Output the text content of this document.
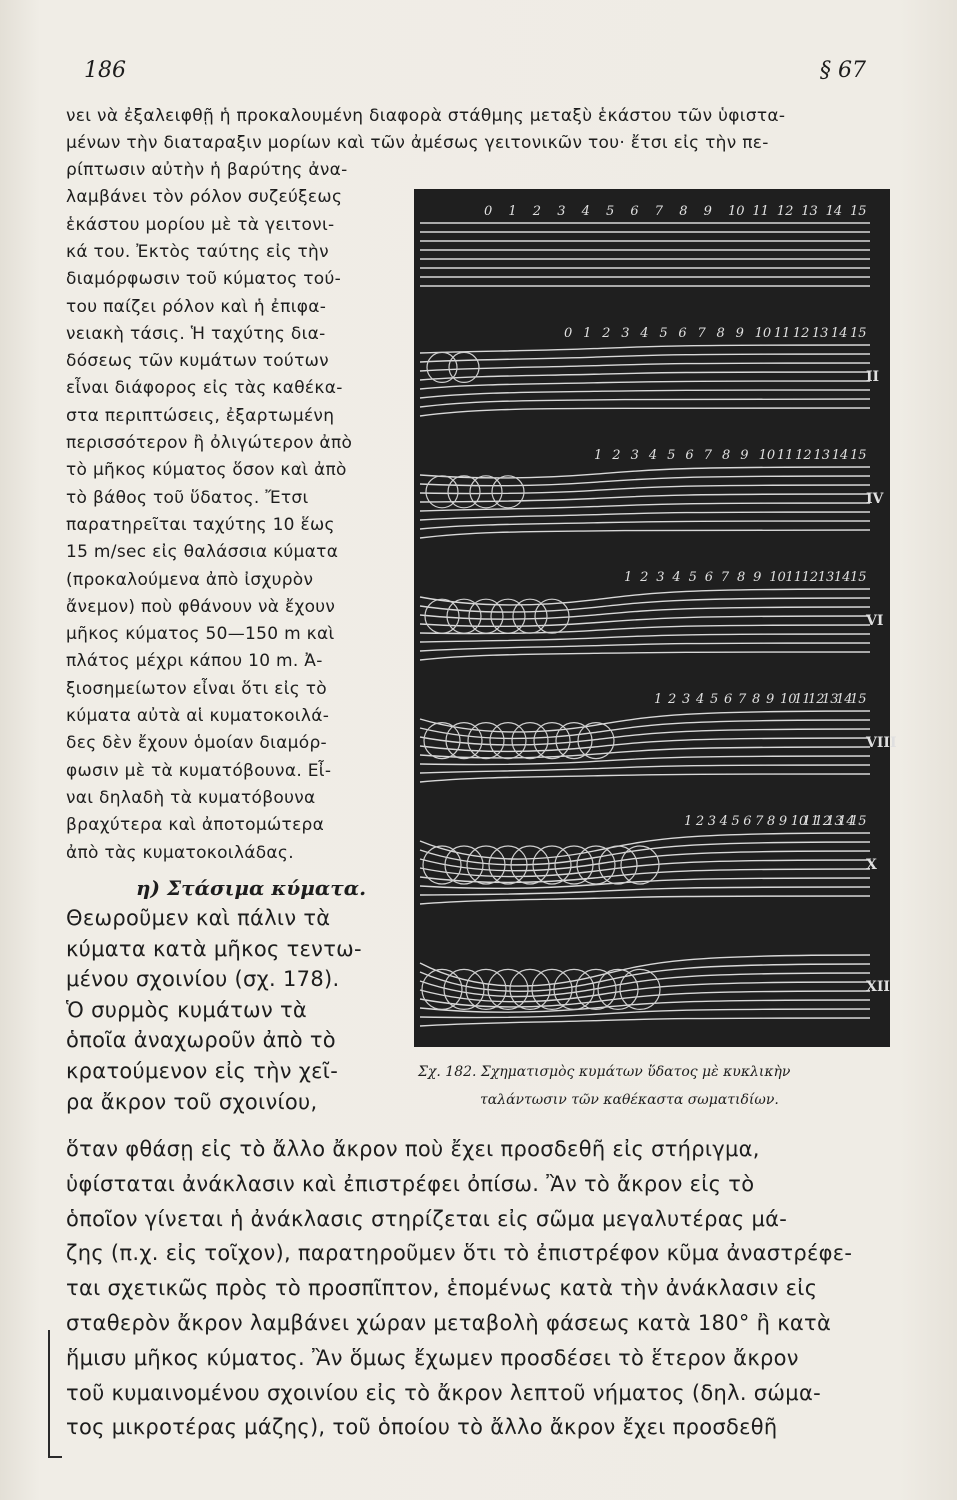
186	§ 67
νει νὰ ἐξαλειφθῇ ἡ προκαλουμένη διαφορὰ στάθμης μεταξὺ ἑκάστου τῶν ὑφιστα-
μένων τὴν διαταραξιν μορίων καὶ τῶν ἀμέσως γειτονικῶν του· ἔτσι εἰς τὴν πε-
ρίπτωσιν αὐτὴν ἡ βαρύτης ἀνα-
λαμβάνει τὸν ρόλον συζεύξεως
ἑκάστου μορίου μὲ τὰ γειτονι-
κά του. Ἐκτὸς ταύτης εἰς τὴν
διαμόρφωσιν τοῦ κύματος τού-
του παίζει ρόλον καὶ ἡ ἐπιφα-
νειακὴ τάσις. Ἡ ταχύτης δια-
δόσεως τῶν κυμάτων τούτων
εἶναι διάφορος εἰς τὰς καθέκα-
στα περιπτώσεις, ἐξαρτωμένη
περισσότερον ἢ ὀλιγώτερον ἀπὸ
τὸ μῆκος κύματος ὅσον καὶ ἀπὸ
τὸ βάθος τοῦ ὕδατος. Ἔτσι
παρατηρεῖται ταχύτης 10 ἕως
15 m/sec εἰς θαλάσσια κύματα
(προκαλούμενα ἀπὸ ἰσχυρὸν
ἄνεμον) ποὺ φθάνουν νὰ ἔχουν
μῆκος κύματος 50—150 m καὶ
πλάτος μέχρι κάπου 10 m. Ἀ-
ξιοσημείωτον εἶναι ὅτι εἰς τὸ
κύματα αὐτὰ αἱ κυματοκοιλά-
δες δὲν ἔχουν ὁμοίαν διαμόρ-
φωσιν μὲ τὰ κυματόβουνα. Εἶ-
ναι δηλαδὴ τὰ κυματόβουνα
βραχύτερα καὶ ἀποτομώτερα
ἀπὸ τὰς κυματοκοιλάδας.
η) Στάσιμα κύματα.
Θεωροῦμεν καὶ πάλιν τὰ
κύματα κατὰ μῆκος τεντω-
μένου σχοινίου (σχ. 178).
Ὁ συρμὸς κυμάτων τὰ
ὁποῖα ἀναχωροῦν ἀπὸ τὸ
κρατούμενον εἰς τὴν χεῖ-
ρα ἄκρον τοῦ σχοινίου,
0 1 2 3 4 5 6 7 8 9 10 11 12 13 14 15
0 1 2 3 4 5 6 7 8 9 10 11 12 13 14 15
II
1 2 3 4 5 6 7 8 9 10 11 12 13 14 15
IV
1 2 3 4 5 6 7 8 9 10 11 12 13 14 15
VI
1 2 3 4 5 6 7 8 9 10
11
12
13
14
15
VIII
1 2 3 4 5 6 7 8 9 10
11
12
13
14
15
X
XII
Σχ. 182. Σχηματισμὸς κυμάτων ὕδατος μὲ κυκλικὴν
ταλάντωσιν τῶν καθέκαστα σωματιδίων.
ὅταν φθάσῃ εἰς τὸ ἄλλο ἄκρον ποὺ ἔχει προσδεθῆ εἰς στήριγμα,
ὑφίσταται ἀνάκλασιν καὶ ἐπιστρέφει ὀπίσω. Ἂν τὸ ἄκρον εἰς τὸ
ὁποῖον γίνεται ἡ ἀνάκλασις στηρίζεται εἰς σῶμα μεγαλυτέρας μά-
ζης (π.χ. εἰς τοῖχον), παρατηροῦμεν ὅτι τὸ ἐπιστρέφον κῦμα ἀναστρέφε-
ται σχετικῶς πρὸς τὸ προσπῖπτον, ἑπομένως κατὰ τὴν ἀνάκλασιν εἰς
σταθερὸν ἄκρον λαμβάνει χώραν μεταβολὴ φάσεως κατὰ 180° ἢ κατὰ
ἥμισυ μῆκος κύματος. Ἂν ὅμως ἔχωμεν προσδέσει τὸ ἕτερον ἄκρον
τοῦ κυμαινομένου σχοινίου εἰς τὸ ἄκρον λεπτοῦ νήματος (δηλ. σώμα-
τος μικροτέρας μάζης), τοῦ ὁποίου τὸ ἄλλο ἄκρον ἔχει προσδεθῆ
